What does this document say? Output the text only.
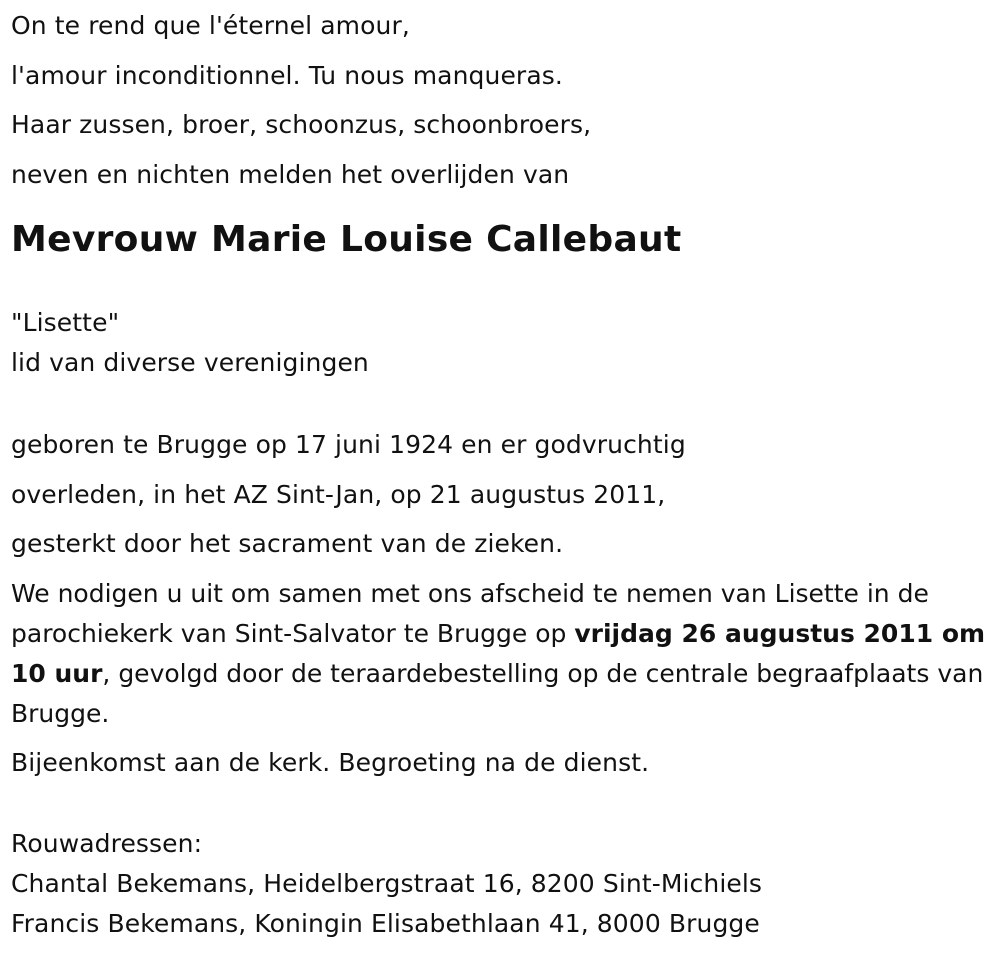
On te rend que l'éternel amour,
l'amour inconditionnel. Tu nous manqueras.
Haar zussen, broer, schoonzus, schoonbroers,
neven en nichten melden het overlijden van
Mevrouw Marie Louise Callebaut
"Lisette"
lid van diverse verenigingen
geboren te Brugge op 17 juni 1924 en er godvruchtig
overleden, in het AZ Sint-Jan, op 21 augustus 2011,
gesterkt door het sacrament van de zieken.
We nodigen u uit om samen met ons afscheid te nemen van Lisette in de parochiekerk van Sint-Salvator te Brugge op vrijdag 26 augustus 2011 om 10 uur, gevolgd door de teraardebestelling op de centrale begraafplaats van Brugge.
Bijeenkomst aan de kerk. Begroeting na de dienst.
Rouwadressen:
Chantal Bekemans, Heidelbergstraat 16, 8200 Sint-Michiels
Francis Bekemans, Koningin Elisabethlaan 41, 8000 Brugge
